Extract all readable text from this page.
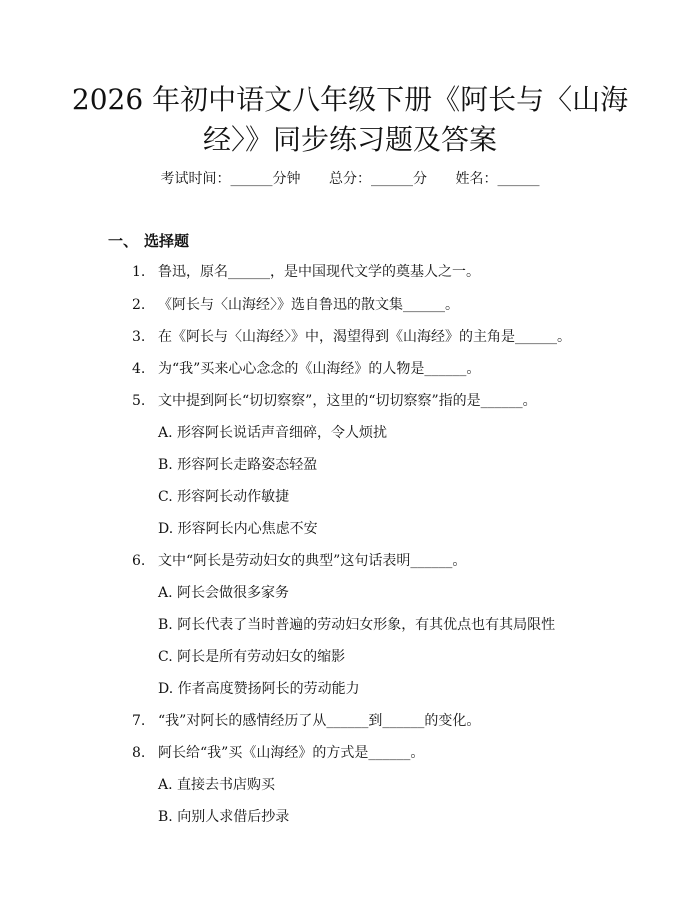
2026 年初中语文八年级下册《阿长与〈山海
经〉》同步练习题及答案
考试时间：______分钟 总分：______分 姓名：______
一、 选择题
1. 鲁迅，原名______，是中国现代文学的奠基人之一。
2. 《阿长与〈山海经〉》选自鲁迅的散文集______。
3. 在《阿长与〈山海经〉》中，渴望得到《山海经》的主角是______。
4. 为“我”买来心心念念的《山海经》的人物是______。
5. 文中提到阿长“切切察察”，这里的“切切察察”指的是______。
A. 形容阿长说话声音细碎，令人烦扰
B. 形容阿长走路姿态轻盈
C. 形容阿长动作敏捷
D. 形容阿长内心焦虑不安
6. 文中“阿长是劳动妇女的典型”这句话表明______。
A. 阿长会做很多家务
B. 阿长代表了当时普遍的劳动妇女形象，有其优点也有其局限性
C. 阿长是所有劳动妇女的缩影
D. 作者高度赞扬阿长的劳动能力
7. “我”对阿长的感情经历了从______到______的变化。
8. 阿长给“我”买《山海经》的方式是______。
A. 直接去书店购买
B. 向别人求借后抄录
